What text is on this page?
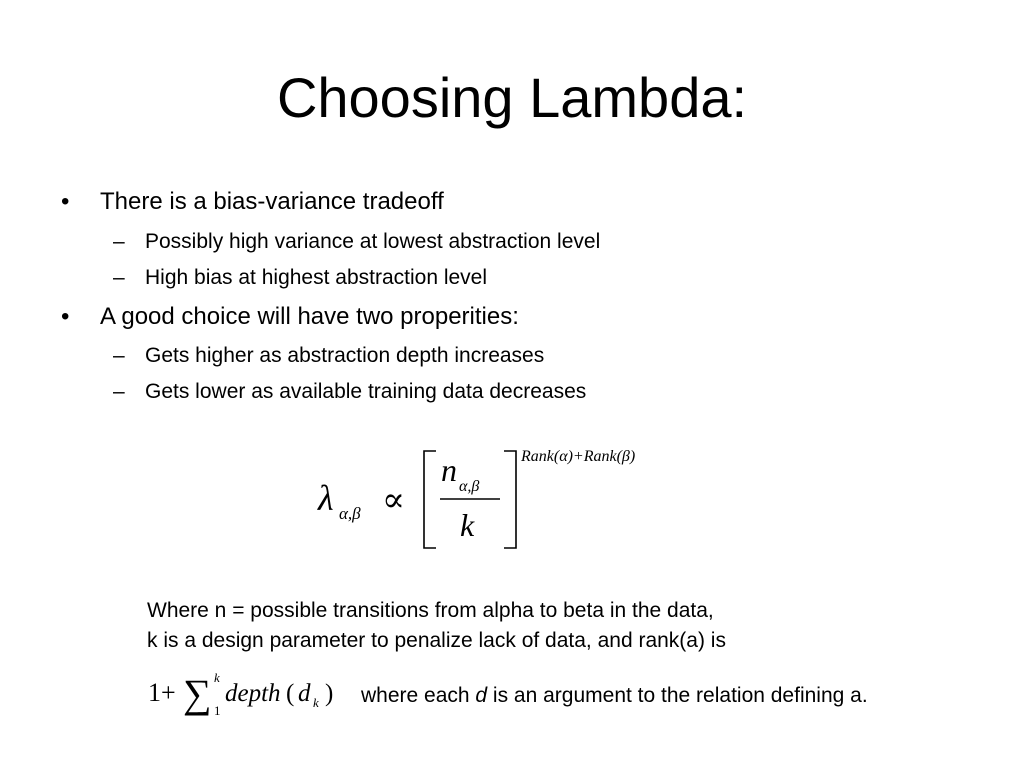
Choosing Lambda:
• There is a bias-variance tradeoff
– Possibly high variance at lowest abstraction level
– High bias at highest abstraction level
• A good choice will have two properities:
– Gets higher as abstraction depth increases
– Gets lower as available training data decreases
λ α,β ∝
n α,β
k
Rank(α)+Rank(β)
Where n = possible transitions from alpha to beta in the data,
k is a design parameter to penalize lack of data, and rank(a) is
1+ ∑ k
1
depth ( d k ) where each d is an argument to the relation defining a.
